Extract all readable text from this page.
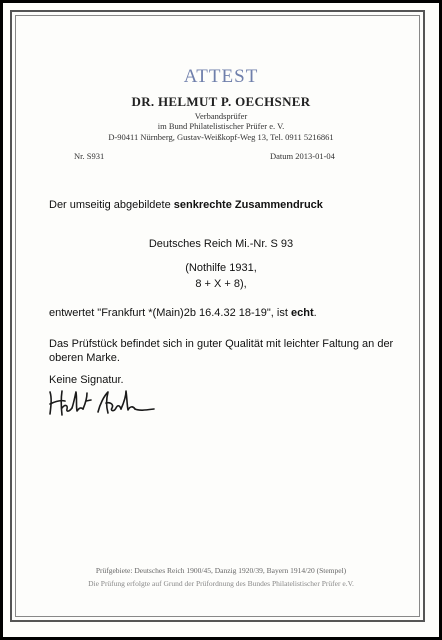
ATTEST
DR. HELMUT P. OECHSNER
Verbandsprüfer
im Bund Philatelistischer Prüfer e. V.
D-90411 Nürnberg, Gustav-Weißkopf-Weg 13, Tel. 0911 5216861
Nr. S931	Datum 2013-01-04
Der umseitig abgebildete senkrechte Zusammendruck
Deutsches Reich Mi.-Nr. S 93
(Nothilfe 1931,
8 + X + 8),
entwertet "Frankfurt *(Main)2b 16.4.32 18-19", ist echt.
Das Prüfstück befindet sich in guter Qualität mit leichter Faltung an der
oberen Marke.
Keine Signatur.
Prüfgebiete: Deutsches Reich 1900/45, Danzig 1920/39, Bayern 1914/20 (Stempel)
Die Prüfung erfolgte auf Grund der Prüfordnung des Bundes Philatelistischer Prüfer e.V.
